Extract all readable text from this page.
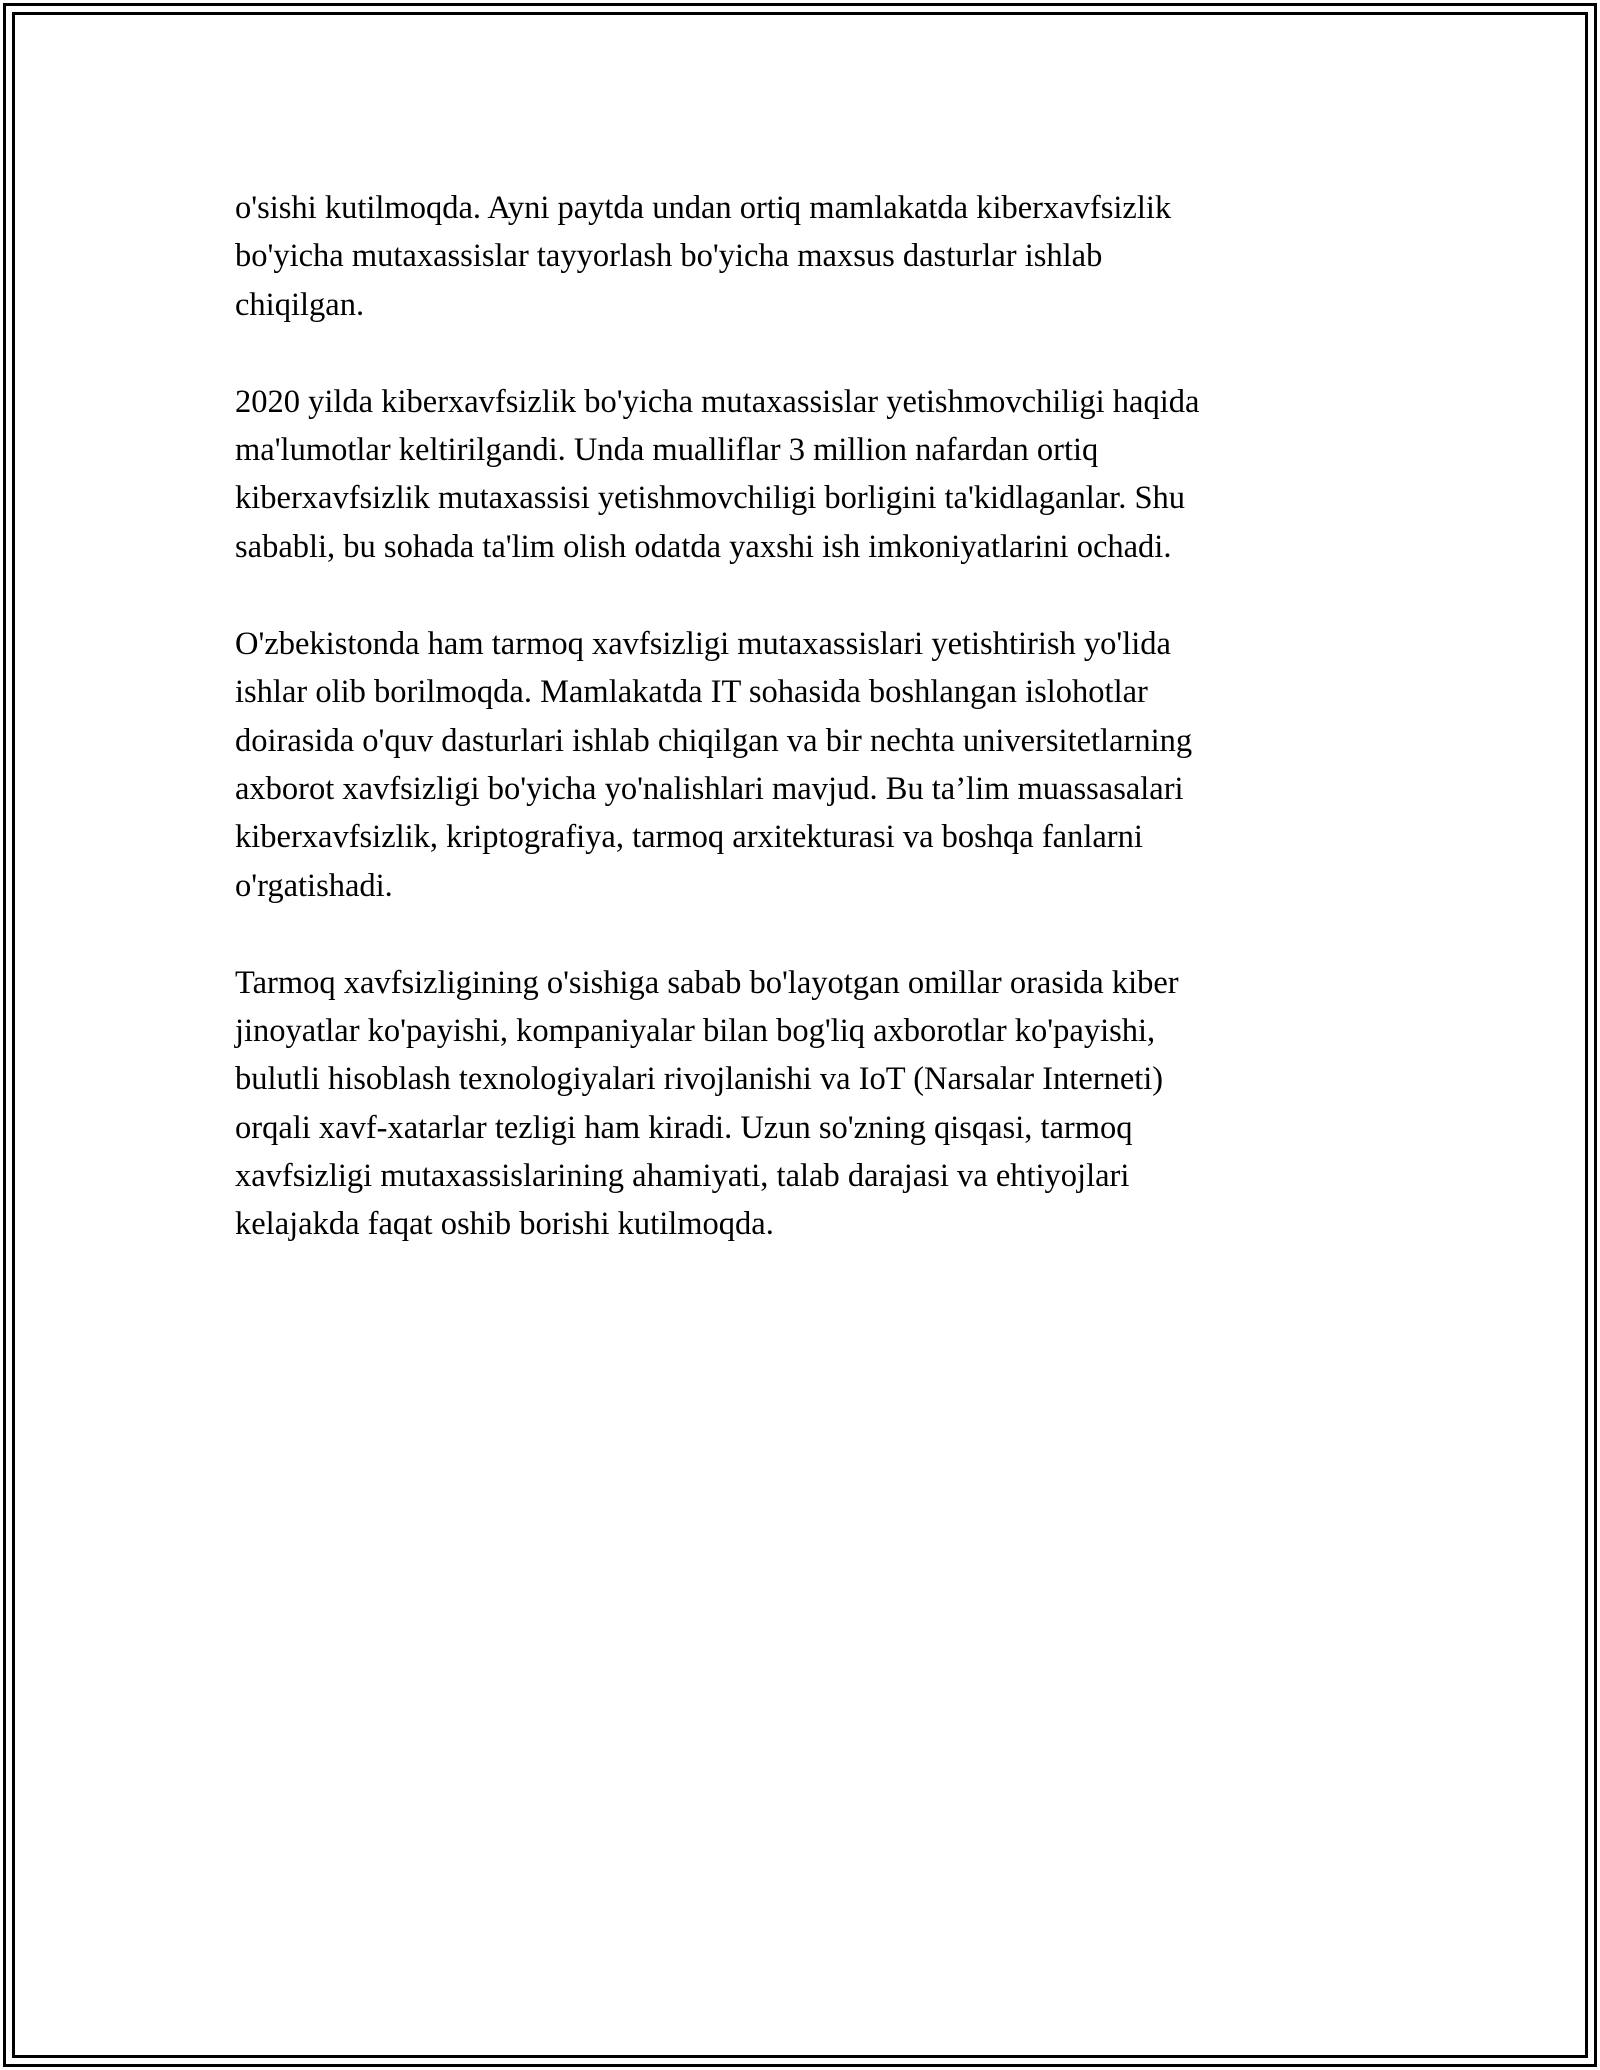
o'sishi kutilmoqda. Ayni paytda undan ortiq mamlakatda kiberxavfsizlik
bo'yicha mutaxassislar tayyorlash bo'yicha maxsus dasturlar ishlab
chiqilgan.

2020 yilda kiberxavfsizlik bo'yicha mutaxassislar yetishmovchiligi haqida
ma'lumotlar keltirilgandi. Unda mualliflar 3 million nafardan ortiq
kiberxavfsizlik mutaxassisi yetishmovchiligi borligini ta'kidlaganlar. Shu
sababli, bu sohada ta'lim olish odatda yaxshi ish imkoniyatlarini ochadi.

O'zbekistonda ham tarmoq xavfsizligi mutaxassislari yetishtirish yo'lida
ishlar olib borilmoqda. Mamlakatda IT sohasida boshlangan islohotlar
doirasida o'quv dasturlari ishlab chiqilgan va bir nechta universitetlarning
axborot xavfsizligi bo'yicha yo'nalishlari mavjud. Bu ta’lim muassasalari
kiberxavfsizlik, kriptografiya, tarmoq arxitekturasi va boshqa fanlarni
o'rgatishadi.

Tarmoq xavfsizligining o'sishiga sabab bo'layotgan omillar orasida kiber
jinoyatlar ko'payishi, kompaniyalar bilan bog'liq axborotlar ko'payishi,
bulutli hisoblash texnologiyalari rivojlanishi va IoT (Narsalar Interneti)
orqali xavf-xatarlar tezligi ham kiradi. Uzun so'zning qisqasi, tarmoq
xavfsizligi mutaxassislarining ahamiyati, talab darajasi va ehtiyojlari
kelajakda faqat oshib borishi kutilmoqda.
